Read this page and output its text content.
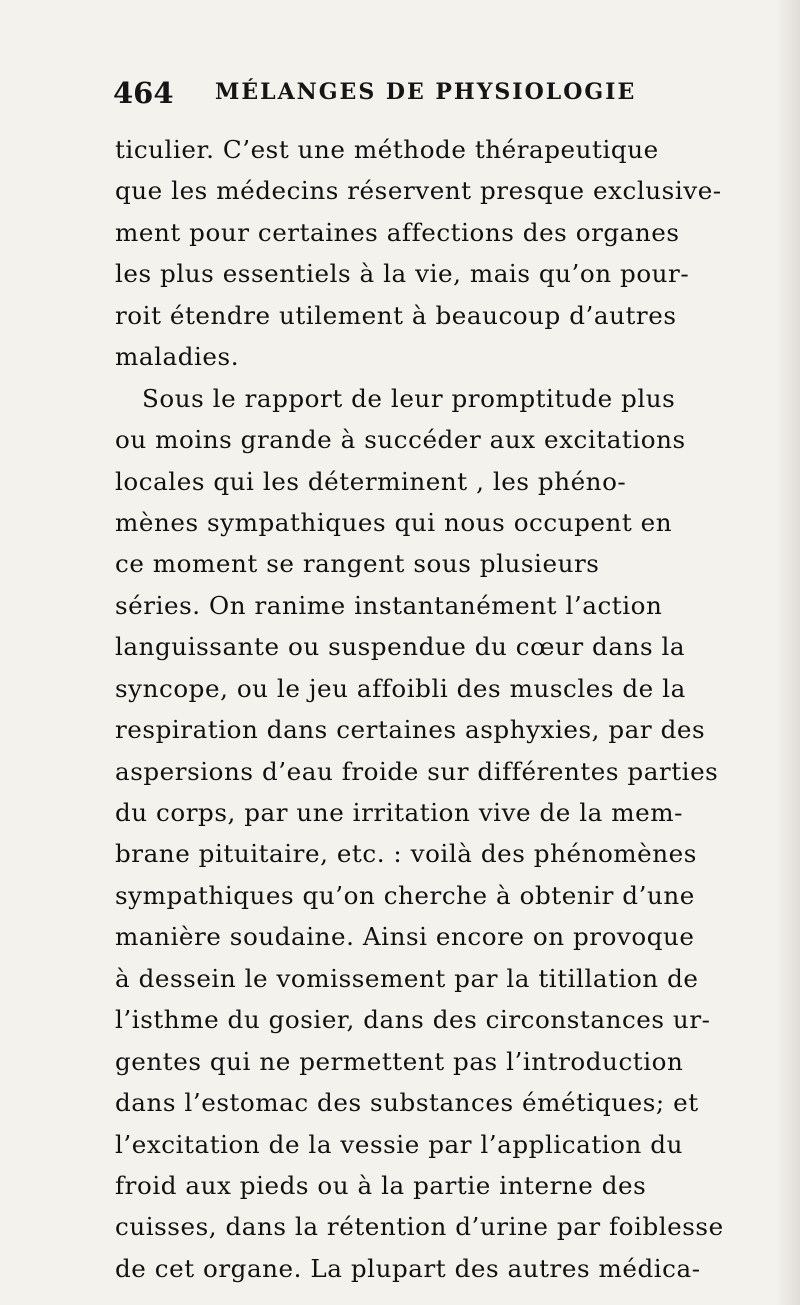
464 MÉLANGES DE PHYSIOLOGIE
ticulier. C’est une méthode thérapeutique
que les médecins réservent presque exclusive-
ment pour certaines affections des organes
les plus essentiels à la vie, mais qu’on pour-
roit étendre utilement à beaucoup d’autres
maladies.
Sous le rapport de leur promptitude plus
ou moins grande à succéder aux excitations
locales qui les déterminent , les phéno-
mènes sympathiques qui nous occupent en
ce moment se rangent sous plusieurs
séries. On ranime instantanément l’action
languissante ou suspendue du cœur dans la
syncope, ou le jeu affoibli des muscles de la
respiration dans certaines asphyxies, par des
aspersions d’eau froide sur différentes parties
du corps, par une irritation vive de la mem-
brane pituitaire, etc. : voilà des phénomènes
sympathiques qu’on cherche à obtenir d’une
manière soudaine. Ainsi encore on provoque
à dessein le vomissement par la titillation de
l’isthme du gosier, dans des circonstances ur-
gentes qui ne permettent pas l’introduction
dans l’estomac des substances émétiques; et
l’excitation de la vessie par l’application du
froid aux pieds ou à la partie interne des
cuisses, dans la rétention d’urine par foiblesse
de cet organe. La plupart des autres médica-
